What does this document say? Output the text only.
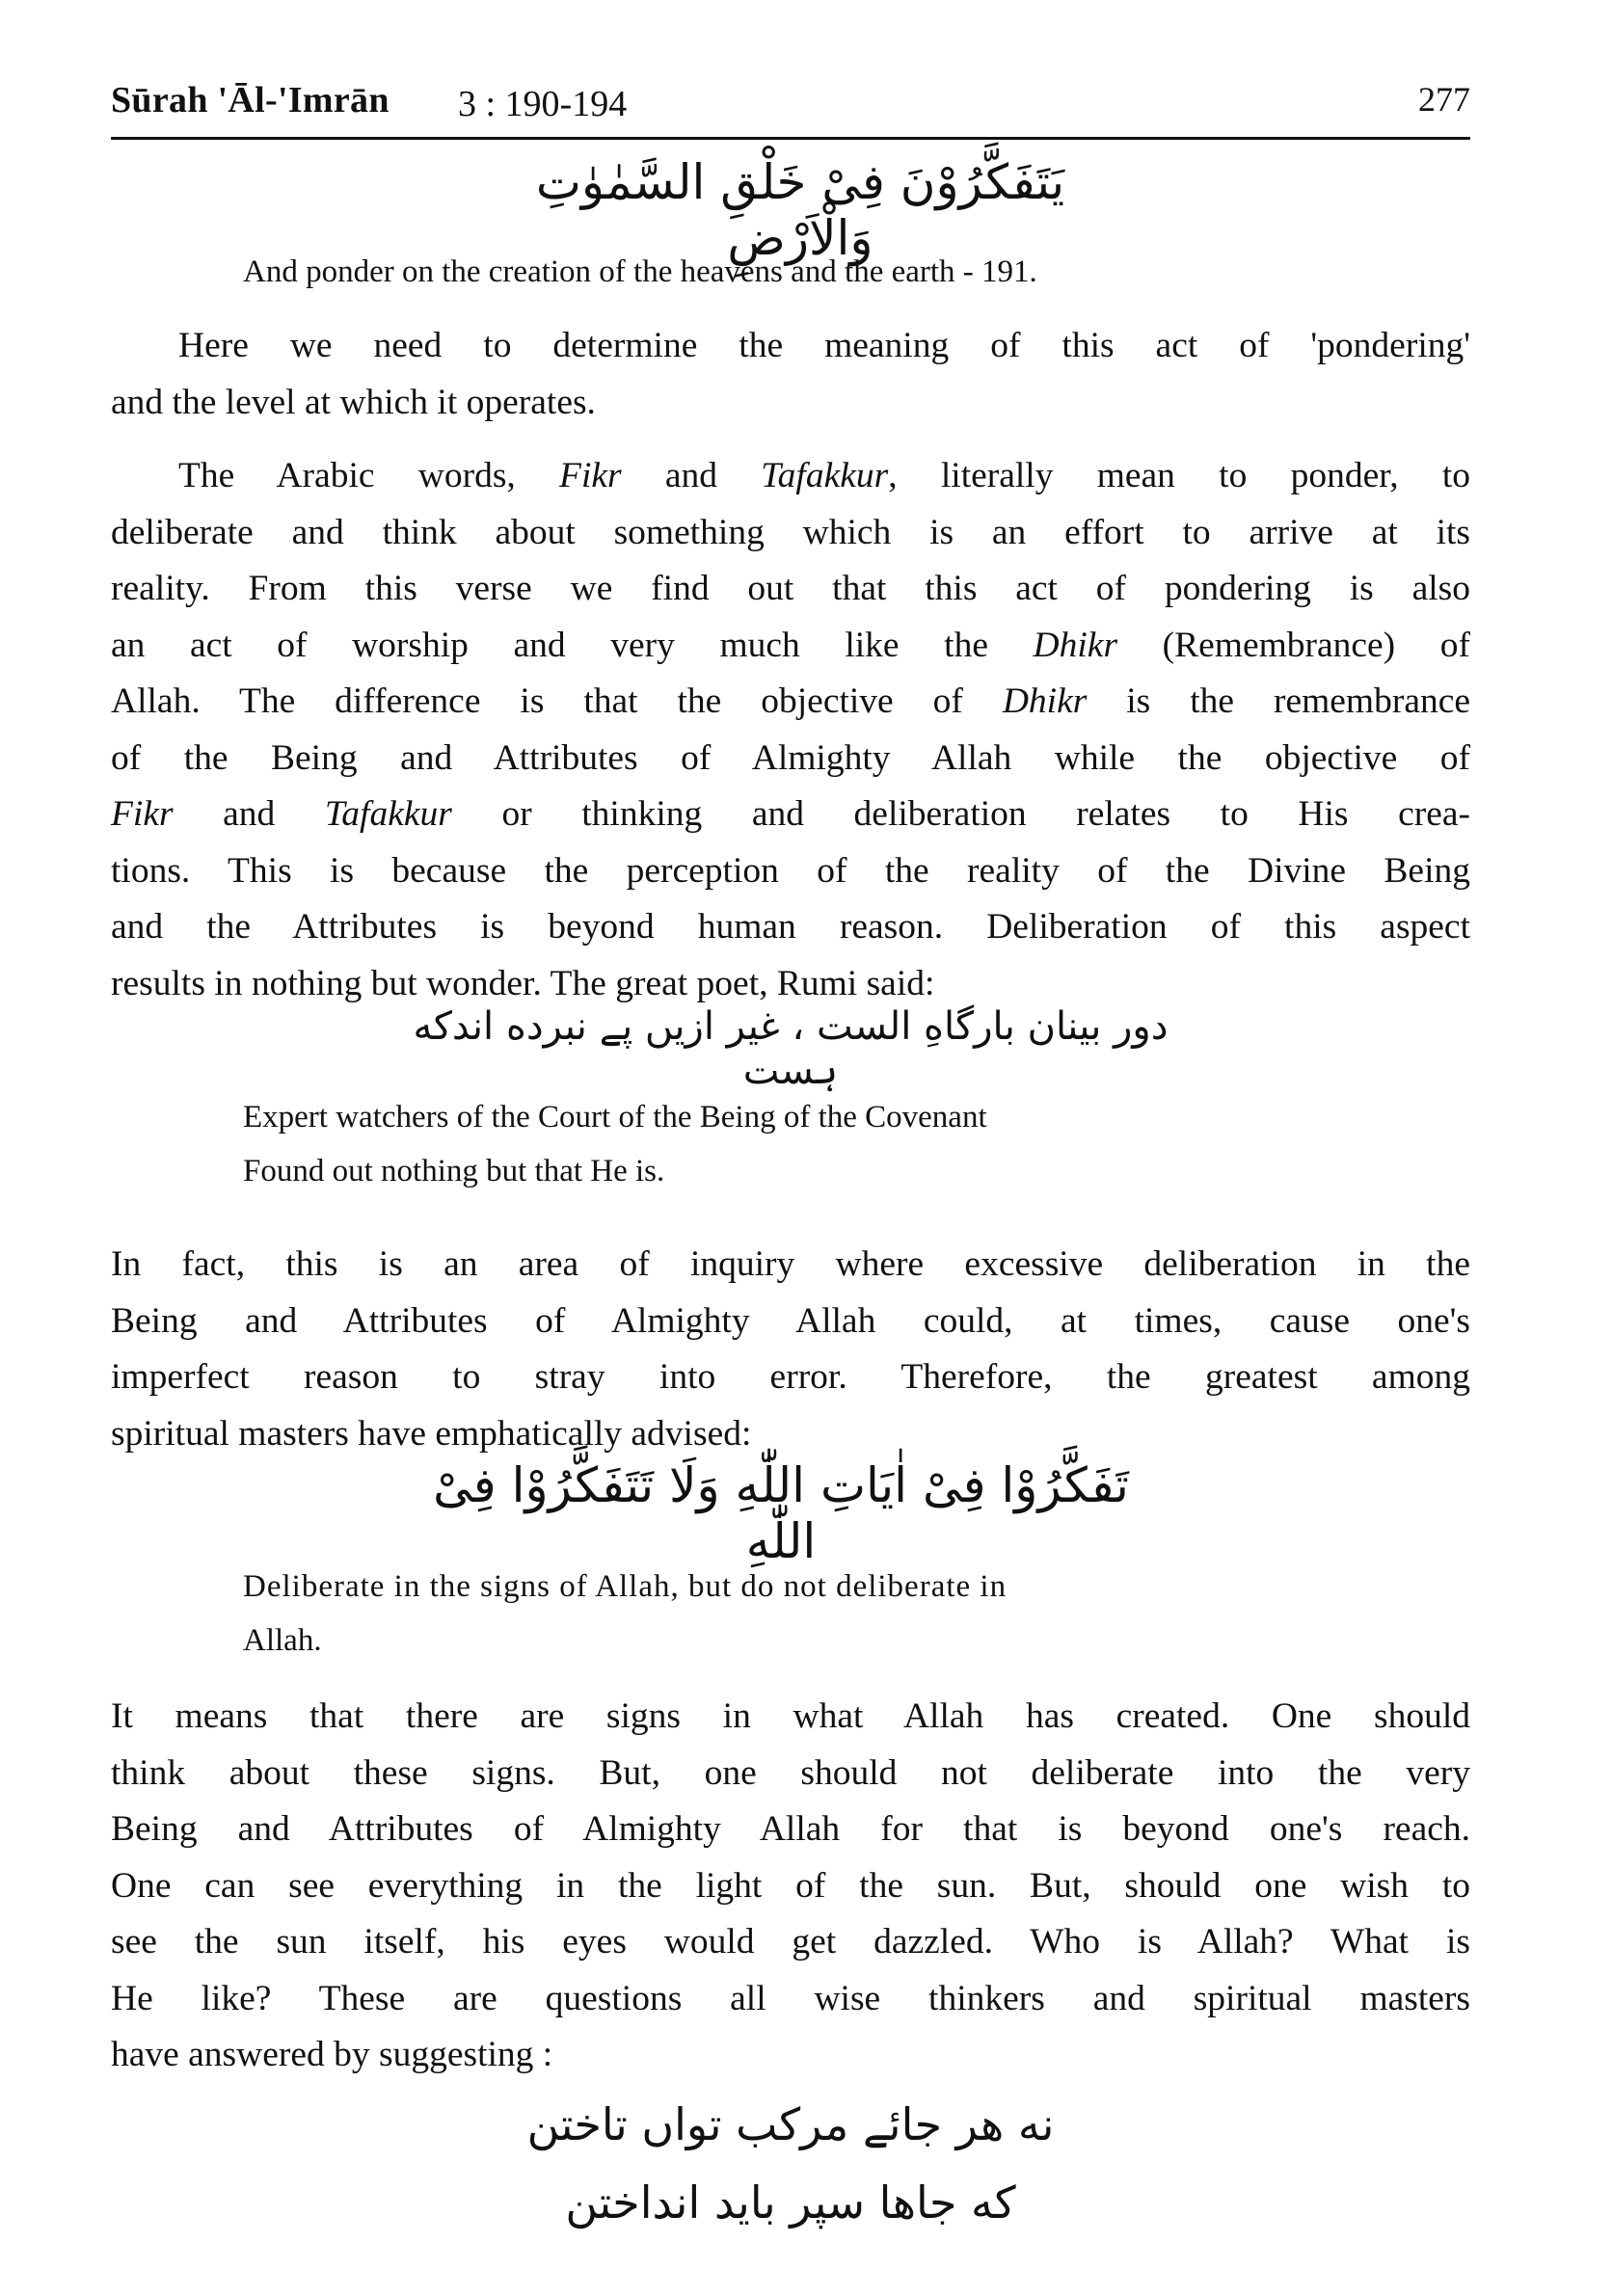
Sūrah 'Āl-'Imrān 3 : 190-194	277
يَتَفَكَّرُوْنَ فِىْ خَلْقِ السَّمٰوٰتِ وَالْاَرْضِ
And ponder on the creation of the heavens and the earth - 191.
Here we need to determine the meaning of this act of 'pondering'
and the level at which it operates.
The Arabic words, Fikr and Tafakkur, literally mean to ponder, to
deliberate and think about something which is an effort to arrive at its
reality. From this verse we find out that this act of pondering is also
an act of worship and very much like the Dhikr (Remembrance) of
Allah. The difference is that the objective of Dhikr is the remembrance
of the Being and Attributes of Almighty Allah while the objective of
Fikr and Tafakkur or thinking and deliberation relates to His crea-
tions. This is because the perception of the reality of the Divine Being
and the Attributes is beyond human reason. Deliberation of this aspect
results in nothing but wonder. The great poet, Rumi said:
دور بينان بارگاهِ الست ، غير ازيں پے نبرده اندکه ہست
Expert watchers of the Court of the Being of the Covenant
Found out nothing but that He is.
In fact, this is an area of inquiry where excessive deliberation in the
Being and Attributes of Almighty Allah could, at times, cause one's
imperfect reason to stray into error. Therefore, the greatest among
spiritual masters have emphatically advised:
تَفَكَّرُوْا فِىْ اٰيَاتِ اللّٰهِ وَلَا تَتَفَكَّرُوْا فِىْ اللّٰهِ
Deliberate in the signs of Allah, but do not deliberate in
Allah.
It means that there are signs in what Allah has created. One should
think about these signs. But, one should not deliberate into the very
Being and Attributes of Almighty Allah for that is beyond one's reach.
One can see everything in the light of the sun. But, should one wish to
see the sun itself, his eyes would get dazzled. Who is Allah? What is
He like? These are questions all wise thinkers and spiritual masters
have answered by suggesting :
نه هر جائے مرکب تواں تاختن
که جاها سپر باید انداختن
